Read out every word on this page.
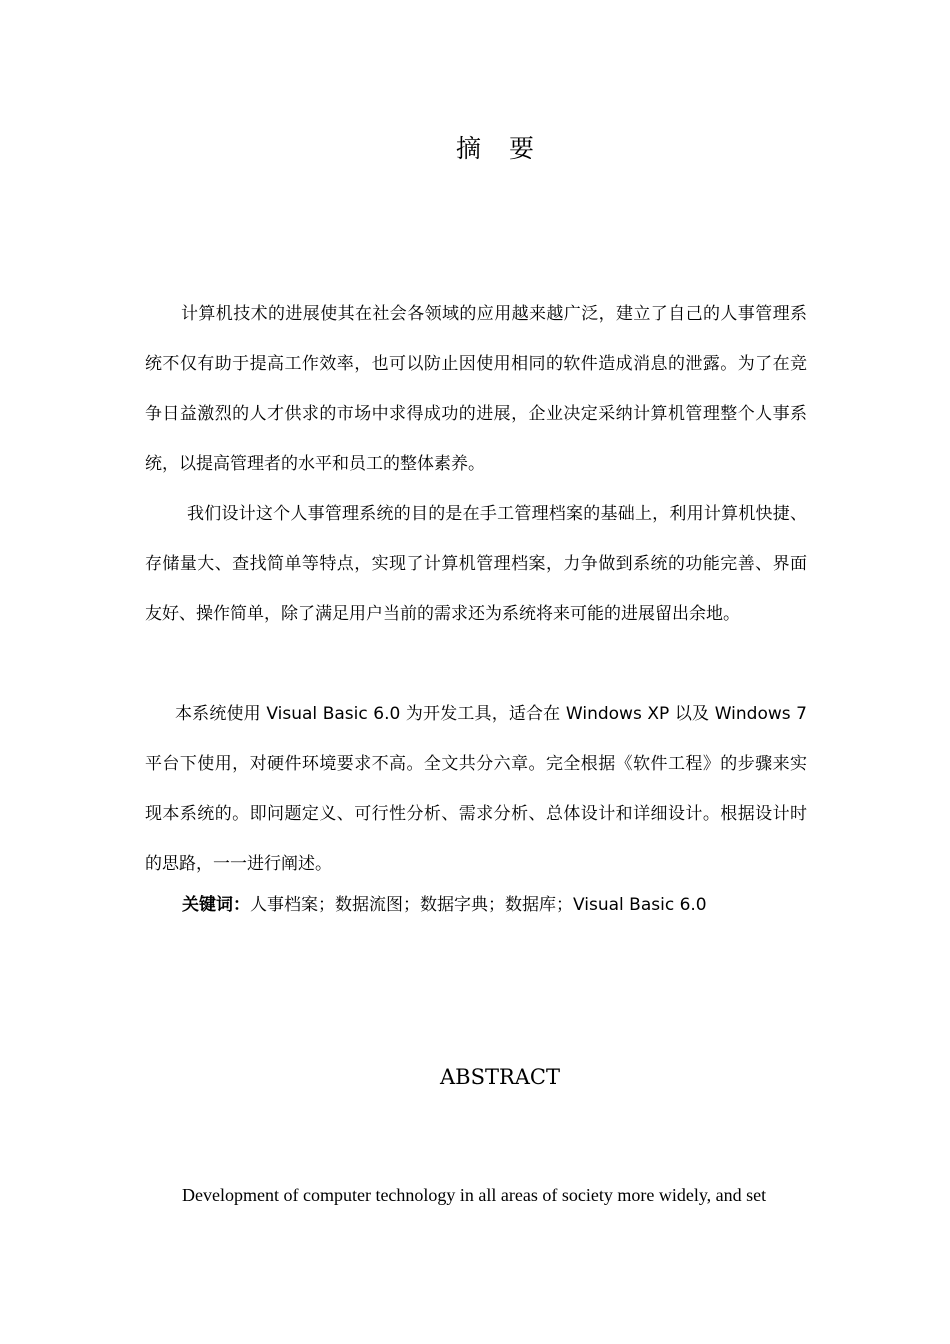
摘 要

计算机技术的进展使其在社会各领域的应用越来越广泛，建立了自己的人事管理系统不仅有助于提高工作效率，也可以防止因使用相同的软件造成消息的泄露。为了在竞争日益激烈的人才供求的市场中求得成功的进展，企业决定采纳计算机管理整个人事系统，以提高管理者的水平和员工的整体素养。

我们设计这个人事管理系统的目的是在手工管理档案的基础上，利用计算机快捷、存储量大、查找简单等特点，实现了计算机管理档案，力争做到系统的功能完善、界面友好、操作简单，除了满足用户当前的需求还为系统将来可能的进展留出余地。

本系统使用 Visual Basic 6.0 为开发工具，适合在 Windows XP 以及 Windows 7 平台下使用，对硬件环境要求不高。全文共分六章。完全根据《软件工程》的步骤来实现本系统的。即问题定义、可行性分析、需求分析、总体设计和详细设计。根据设计时的思路，一一进行阐述。

关键词：人事档案；数据流图；数据字典；数据库；Visual Basic 6.0
ABSTRACT

Development of computer technology in all areas of society more widely, and set
